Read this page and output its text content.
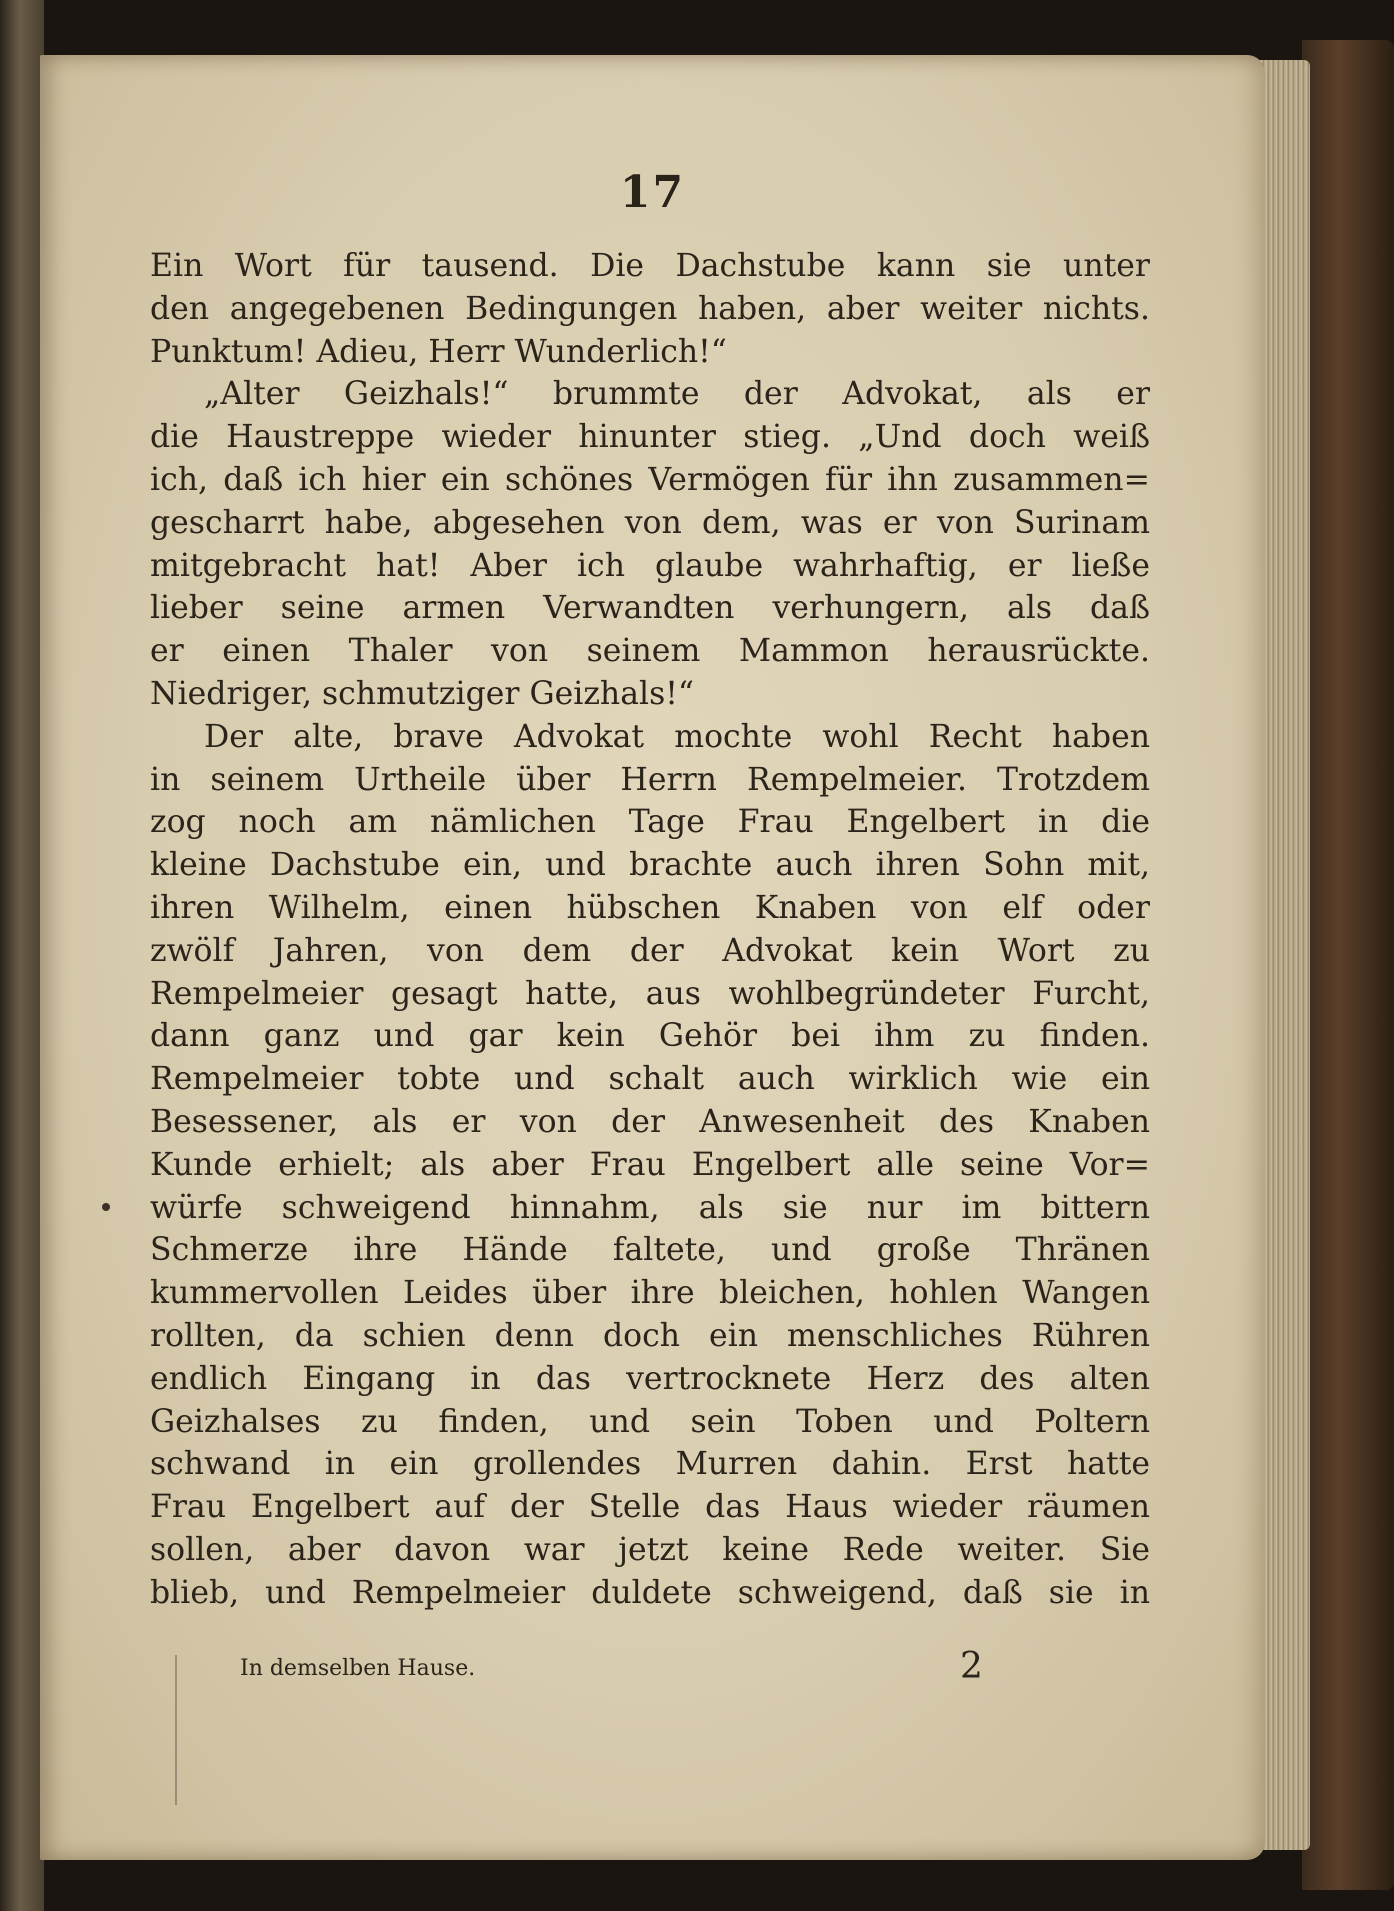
17
Ein Wort für tausend. Die Dachstube kann sie unter
den angegebenen Bedingungen haben, aber weiter nichts.
Punktum! Adieu, Herr Wunderlich!“
„Alter Geizhals!“ brummte der Advokat, als er
die Haustreppe wieder hinunter stieg. „Und doch weiß
ich, daß ich hier ein schönes Vermögen für ihn zusammen=
gescharrt habe, abgesehen von dem, was er von Surinam
mitgebracht hat! Aber ich glaube wahrhaftig, er ließe
lieber seine armen Verwandten verhungern, als daß
er einen Thaler von seinem Mammon herausrückte.
Niedriger, schmutziger Geizhals!“
Der alte, brave Advokat mochte wohl Recht haben
in seinem Urtheile über Herrn Rempelmeier. Trotzdem
zog noch am nämlichen Tage Frau Engelbert in die
kleine Dachstube ein, und brachte auch ihren Sohn mit,
ihren Wilhelm, einen hübschen Knaben von elf oder
zwölf Jahren, von dem der Advokat kein Wort zu
Rempelmeier gesagt hatte, aus wohlbegründeter Furcht,
dann ganz und gar kein Gehör bei ihm zu finden.
Rempelmeier tobte und schalt auch wirklich wie ein
Besessener, als er von der Anwesenheit des Knaben
Kunde erhielt; als aber Frau Engelbert alle seine Vor=
würfe schweigend hinnahm, als sie nur im bittern
Schmerze ihre Hände faltete, und große Thränen
kummervollen Leides über ihre bleichen, hohlen Wangen
rollten, da schien denn doch ein menschliches Rühren
endlich Eingang in das vertrocknete Herz des alten
Geizhalses zu finden, und sein Toben und Poltern
schwand in ein grollendes Murren dahin. Erst hatte
Frau Engelbert auf der Stelle das Haus wieder räumen
sollen, aber davon war jetzt keine Rede weiter. Sie
blieb, und Rempelmeier duldete schweigend, daß sie in
In demselben Hause.	2
